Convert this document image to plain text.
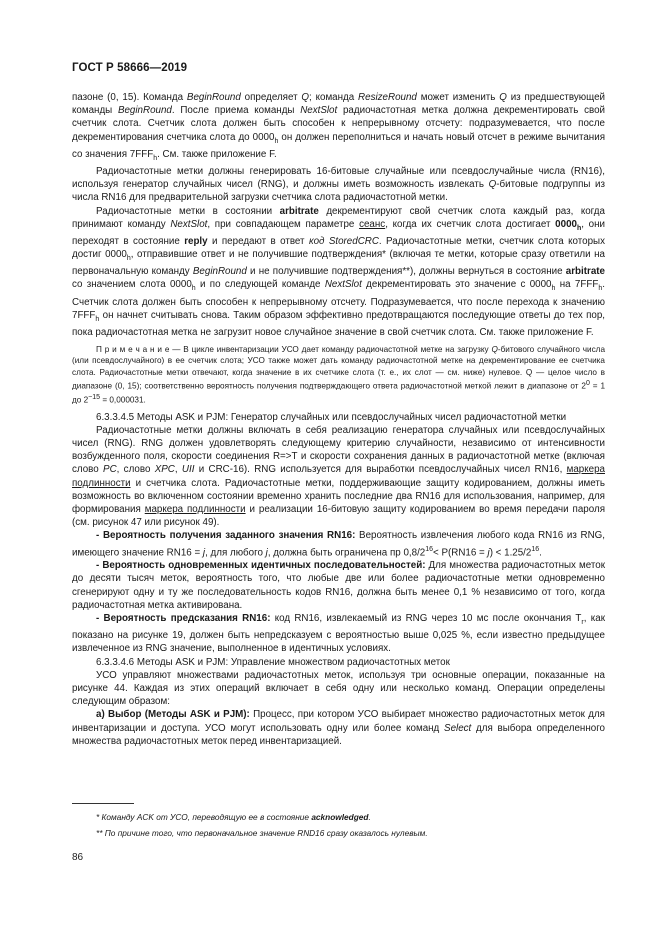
ГОСТ Р 58666—2019

пазоне (0, 15). Команда BeginRound определяет Q; команда ResizeRound может изменить Q из предшествующей команды BeginRound. После приема команды NextSlot радиочастотная метка должна декрементировать свой счетчик слота. Счетчик слота должен быть способен к непрерывному отсчету: подразумевается, что после декрементирования счетчика слота до $0000_h$ он должен переполниться и начать новый отсчет в режиме вычитания со значения $7FFF_h$. См. также приложение F.

Радиочастотные метки должны генерировать 16-битовые случайные или псевдослучайные числа (RN16), используя генератор случайных чисел (RNG), и должны иметь возможность извлекать Q-битовые подгруппы из числа RN16 для предварительной загрузки счетчика слота радиочастотной метки.

Радиочастотные метки в состоянии arbitrate декрементируют свой счетчик слота каждый раз, когда принимают команду NextSlot, при совпадающем параметре сеанс, когда их счетчик слота достигает $0000_h$, они переходят в состояние reply и передают в ответ код StoredCRC. Радиочастотные метки, счетчик слота которых достиг $0000_h$, отправившие ответ и не получившие подтверждения* (включая те метки, которые сразу ответили на первоначальную команду BeginRound и не получившие подтверждения**), должны вернуться в состояние arbitrate со значением слота $0000_h$ и по следующей команде NextSlot декрементировать это значение с $0000_h$ на $7FFF_h$. Счетчик слота должен быть способен к непрерывному отсчету. Подразумевается, что после перехода к значению $7FFF_h$ он начнет считывать снова. Таким образом эффективно предотвращаются последующие ответы до тех пор, пока радиочастотная метка не загрузит новое случайное значение в свой счетчик слота. См. также приложение F.

П р и м е ч а н и е — В цикле инвентаризации УСО дает команду радиочастотной метке на загрузку Q-битового случайного числа (или псевдослучайного) в ее счетчик слота; УСО также может дать команду радиочастотной метке на декрементирование ее счетчика слота. Радиочастотные метки отвечают, когда значение в их счетчике слота (т. е., их слот — см. ниже) нулевое. Q — целое число в диапазоне (0, 15); соответственно вероятность получения подтверждающего ответа радиочастотной меткой лежит в диапазоне от $2^0 = 1$ до $2^{-15} = 0,000031$.

6.3.3.4.5 Методы ASK и PJM: Генератор случайных или псевдослучайных чисел радиочастотной метки

Радиочастотные метки должны включать в себя реализацию генератора случайных или псевдослучайных чисел (RNG). RNG должен удовлетворять следующему критерию случайности, независимо от интенсивности возбужденного поля, скорости соединения R=>T и скорости сохранения данных в радиочастотной метке (включая слово PC, слово XPC, UII и CRC-16). RNG используется для выработки псевдослучайных чисел RN16, маркера подлинности и счетчика слота. Радиочастотные метки, поддерживающие защиту кодированием, должны иметь возможность во включенном состоянии временно хранить последние два RN16 для использования, например, для формирования маркера подлинности и реализации 16-битовую защиту кодированием во время передачи пароля (см. рисунок 47 или рисунок 49).

- Вероятность получения заданного значения RN16: Вероятность извлечения любого кода RN16 из RNG, имеющего значение RN16 = j, для любого j, должна быть ограничена пр $0,8/2^{16}< P(RN16 = j) < 1.25/2^{16}$.

- Вероятность одновременных идентичных последовательностей: Для множества радиочастотных меток до десяти тысяч меток, вероятность того, что любые две или более радиочастотные метки одновременно сгенерируют одну и ту же последовательность кодов RN16, должна быть менее 0,1 % независимо от того, когда радиочастотная метка активирована.

- Вероятность предсказания RN16: код RN16, извлекаемый из RNG через 10 мс после окончания $T_r$, как показано на рисунке 19, должен быть непредсказуем с вероятностью выше 0,025 %, если известно предыдущее извлеченное из RNG значение, выполненное в идентичных условиях.

6.3.3.4.6 Методы ASK и PJM: Управление множеством радиочастотных меток

УСО управляют множествами радиочастотных меток, используя три основные операции, показанные на рисунке 44. Каждая из этих операций включает в себя одну или несколько команд. Операции определены следующим образом:

а) Выбор (Методы ASK и PJM): Процесс, при котором УСО выбирает множество радиочастотных меток для инвентаризации и доступа. УСО могут использовать одну или более команд Select для выбора определенного множества радиочастотных меток перед инвентаризацией.

* Команду ACK от УСО, переводящую ее в состояние acknowledged.
** По причине того, что первоначальное значение RND16 сразу оказалось нулевым.
86
